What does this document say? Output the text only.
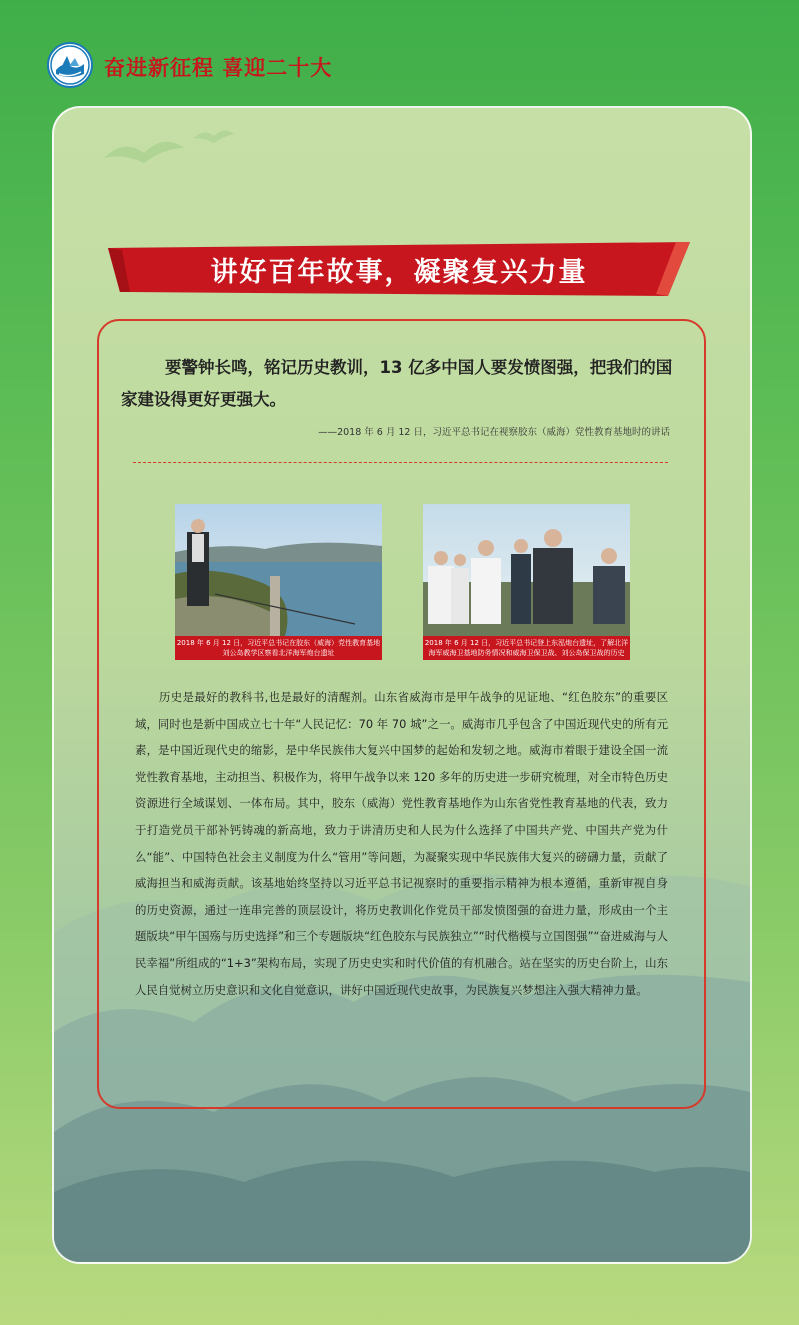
奋进新征程 喜迎二十大
讲好百年故事，凝聚复兴力量
要警钟长鸣，铭记历史教训，13 亿多中国人要发愤图强，把我们的国家建设得更好更强大。
——2018 年 6 月 12 日，习近平总书记在视察胶东（威海）党性教育基地时的讲话
2018 年 6 月 12 日，习近平总书记在胶东（威海）党性教育基地刘公岛教学区察看北洋海军炮台遗址
2018 年 6 月 12 日，习近平总书记登上东泓炮台遗址，了解北洋海军威海卫基地防务情况和威海卫保卫战、刘公岛保卫战的历史
历史是最好的教科书,也是最好的清醒剂。山东省威海市是甲午战争的见证地、“红色胶东”的重要区域，同时也是新中国成立七十年“人民记忆：70 年 70 城”之一。威海市几乎包含了中国近现代史的所有元素，是中国近现代史的缩影，是中华民族伟大复兴中国梦的起始和发轫之地。威海市着眼于建设全国一流党性教育基地，主动担当、积极作为，将甲午战争以来 120 多年的历史进一步研究梳理，对全市特色历史资源进行全域谋划、一体布局。其中，胶东（威海）党性教育基地作为山东省党性教育基地的代表，致力于打造党员干部补钙铸魂的新高地，致力于讲清历史和人民为什么选择了中国共产党、中国共产党为什么“能”、中国特色社会主义制度为什么“管用”等问题，为凝聚实现中华民族伟大复兴的磅礴力量，贡献了威海担当和威海贡献。该基地始终坚持以习近平总书记视察时的重要指示精神为根本遵循，重新审视自身的历史资源，通过一连串完善的顶层设计，将历史教训化作党员干部发愤图强的奋进力量，形成由一个主题版块“甲午国殇与历史选择”和三个专题版块“红色胶东与民族独立”“时代楷模与立国图强”“奋进威海与人民幸福”所组成的“1+3”架构布局，实现了历史史实和时代价值的有机融合。站在坚实的历史台阶上，山东人民自觉树立历史意识和文化自觉意识，讲好中国近现代史故事，为民族复兴梦想注入强大精神力量。
